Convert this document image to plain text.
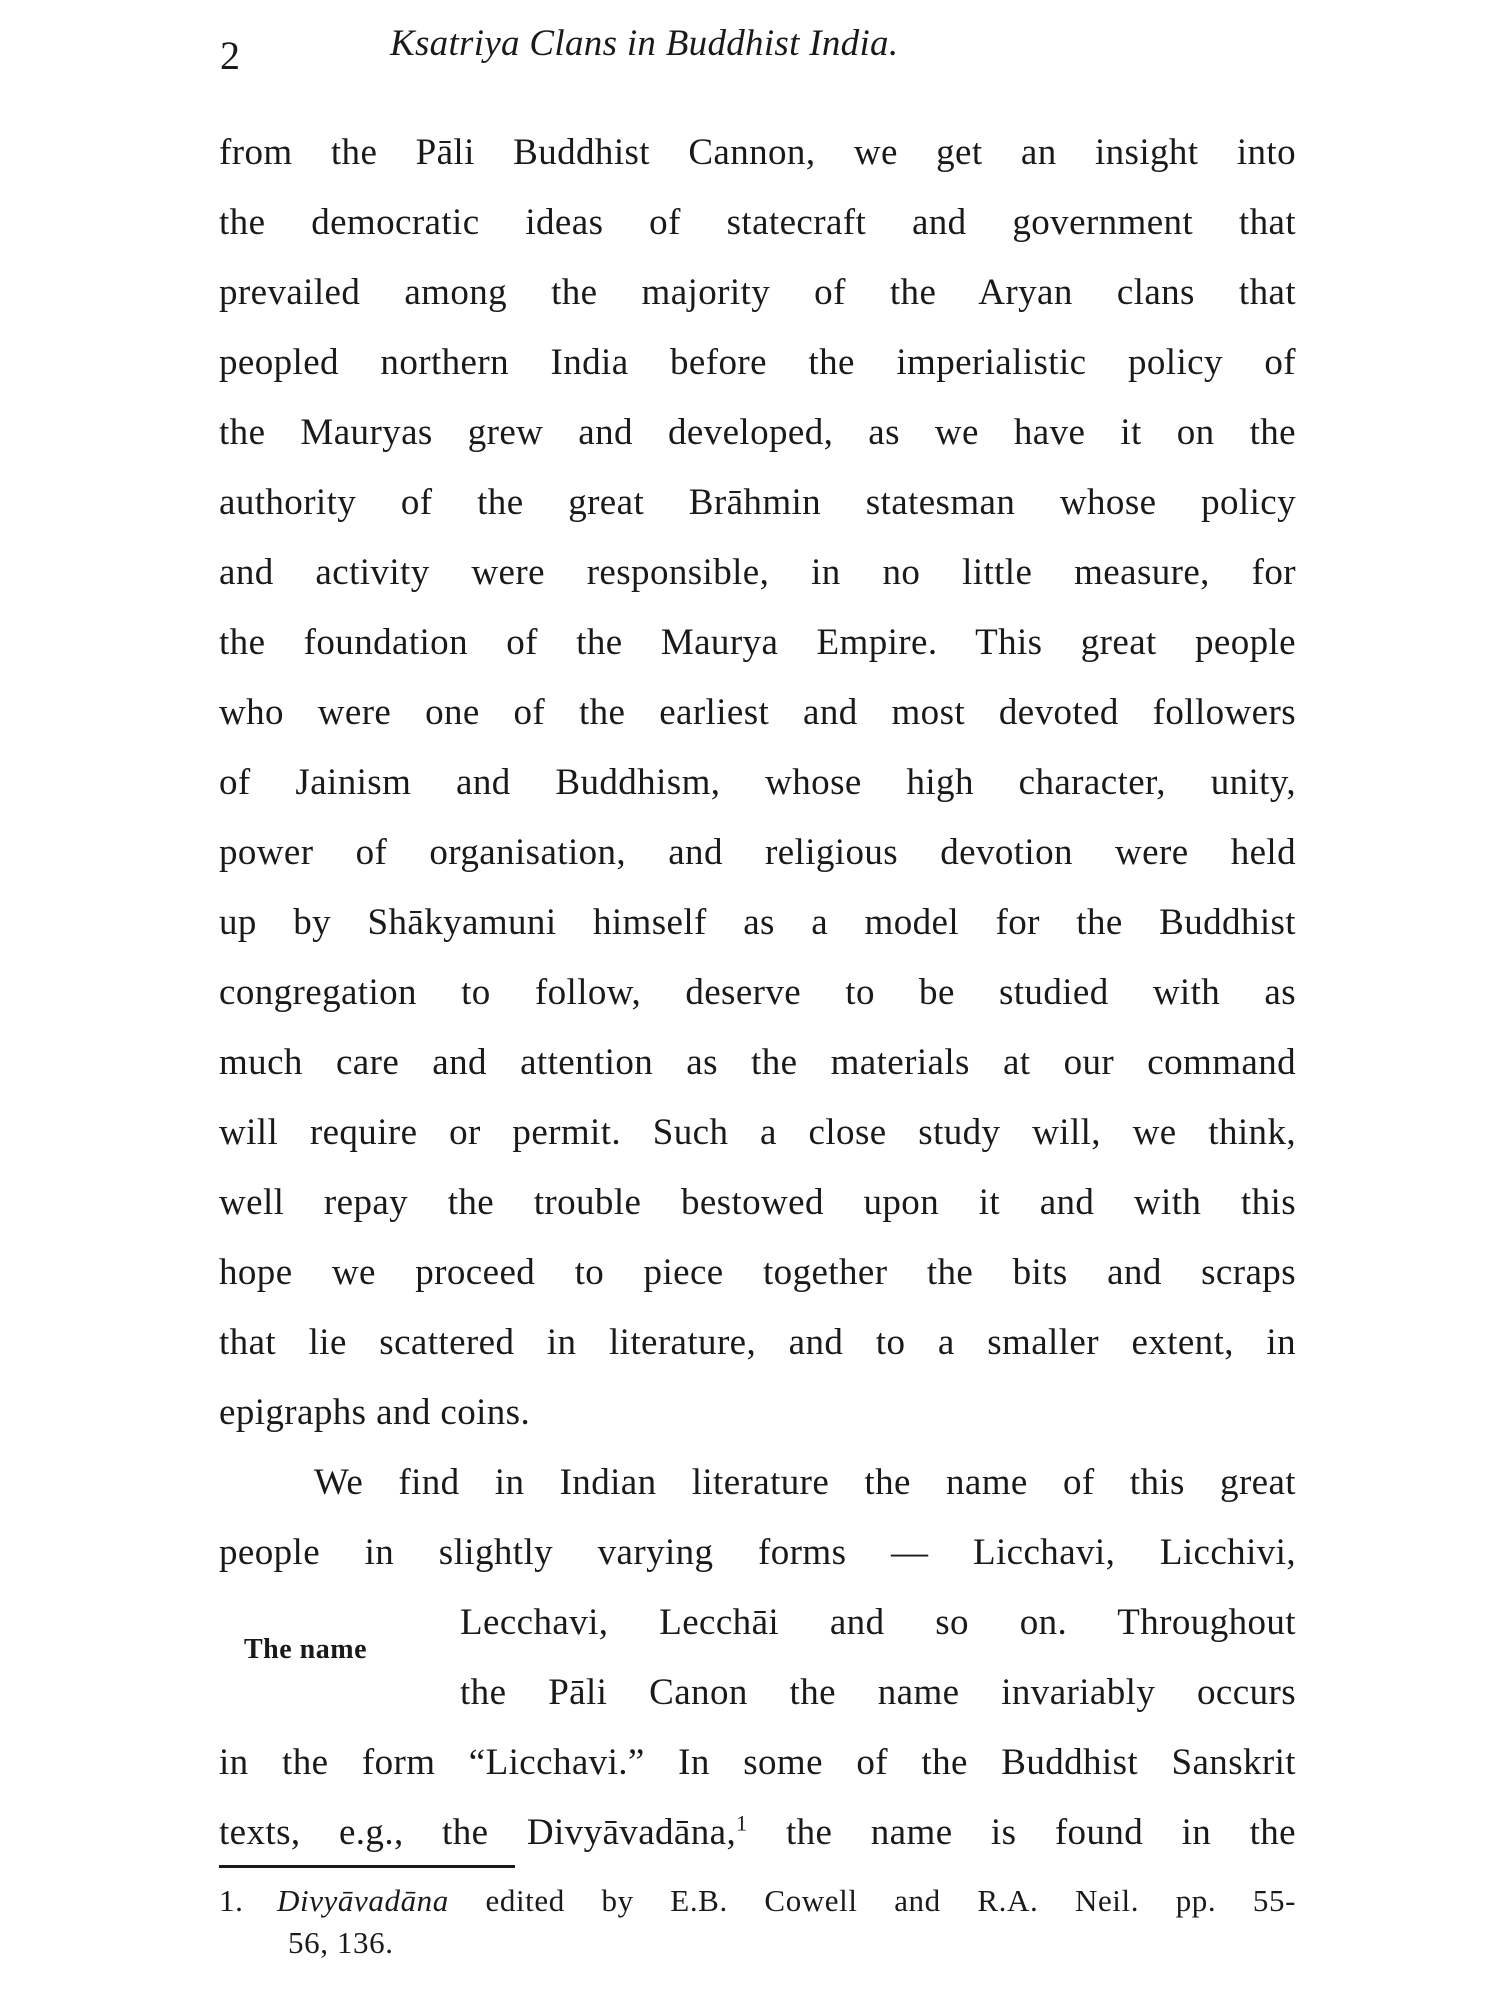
2	Ksatriya Clans in Buddhist India.
from the Pāli Buddhist Cannon, we get an insight into
the democratic ideas of statecraft and government that
prevailed among the majority of the Aryan clans that
peopled northern India before the imperialistic policy of
the Mauryas grew and developed, as we have it on the
authority of the great Brāhmin statesman whose policy
and activity were responsible, in no little measure, for
the foundation of the Maurya Empire. This great people
who were one of the earliest and most devoted followers
of Jainism and Buddhism, whose high character, unity,
power of organisation, and religious devotion were held
up by Shākyamuni himself as a model for the Buddhist
congregation to follow, deserve to be studied with as
much care and attention as the materials at our command
will require or permit. Such a close study will, we think,
well repay the trouble bestowed upon it and with this
hope we proceed to piece together the bits and scraps
that lie scattered in literature, and to a smaller extent, in
epigraphs and coins.
We find in Indian literature the name of this great
people in slightly varying forms — Licchavi, Licchivi,
Lecchavi, Lecchāi and so on. Throughout
the Pāli Canon the name invariably occurs
in the form “Licchavi.” In some of the Buddhist Sanskrit
texts, e.g., the Divyāvadāna,$^1$ the name is found in the
The name
1. Divyāvadāna edited by E.B. Cowell and R.A. Neil. pp. 55-
56, 136.
